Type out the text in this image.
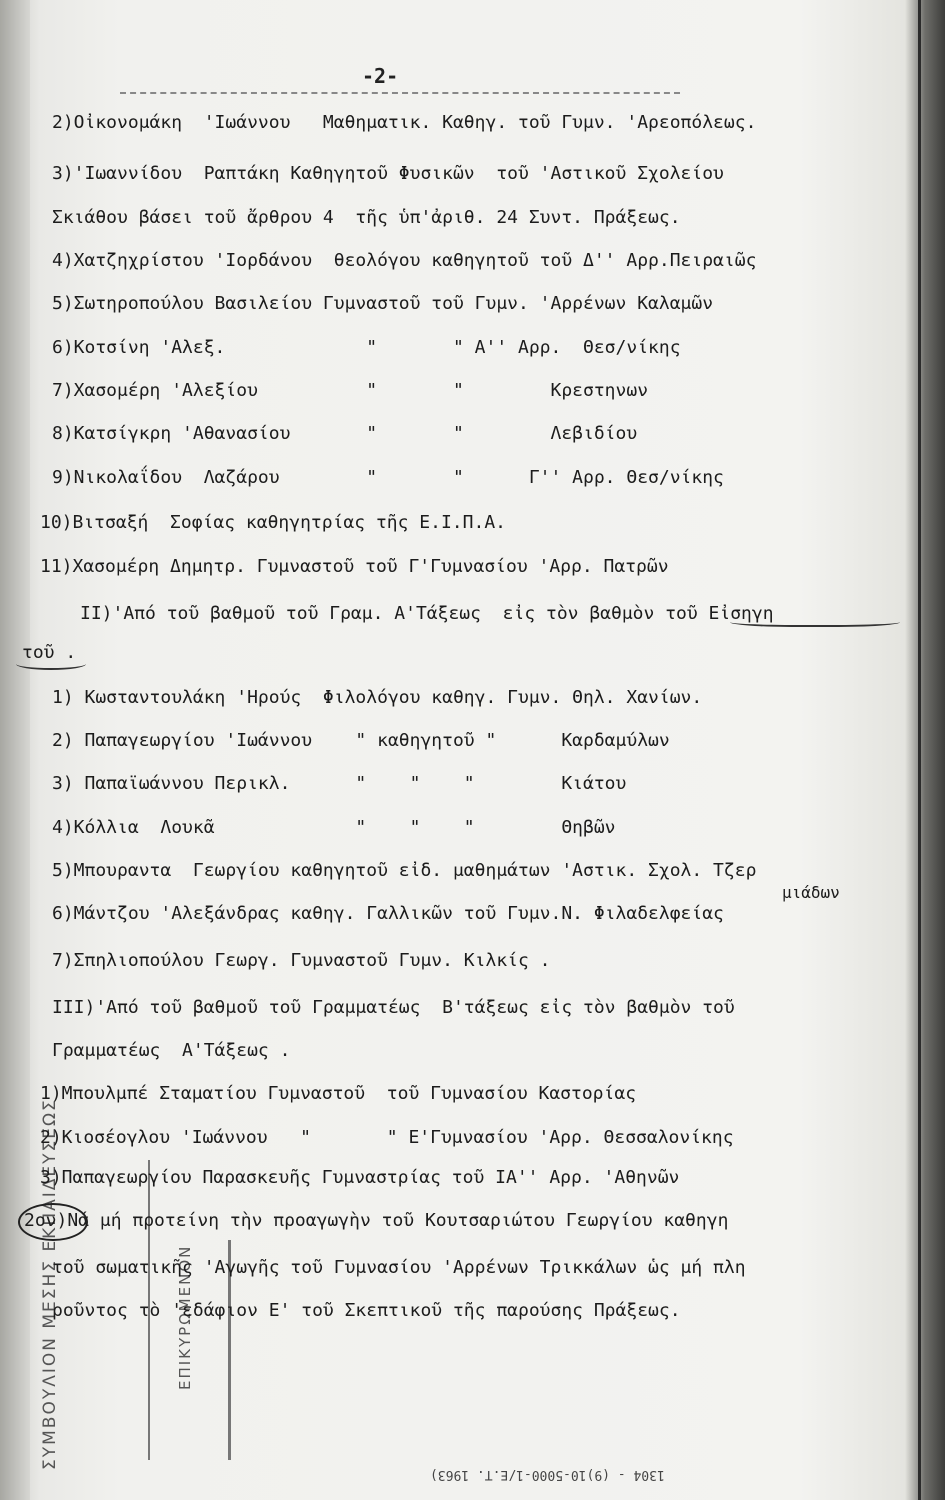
ΣΥΜΒΟΥΛΙΟΝ ΜΕΣΗΣ ΕΚΠΑΙΔΕΥΣΕΩΣ	ΕΠΙΚΥΡΩΜΕΝΟΝ
-2-
2)Οἰκονομάκη  'Ιωάννου   Μαθηματικ. Καθηγ. τοῦ Γυμν. 'Αρεοπόλεως.
3)'Ιωαννίδου  Ραπτάκη Καθηγητοῦ Φυσικῶν  τοῦ 'Αστικοῦ Σχολείου
Σκιάθου βάσει τοῦ ἄρθρου 4  τῆς ὑπ'ἀριθ. 24 Συντ. Πράξεως.
4)Χατζηχρίστου 'Ιορδάνου  θεολόγου καθηγητοῦ τοῦ Δ'' Αρρ.Πειραιῶς
5)Σωτηροπούλου Βασιλείου Γυμναστοῦ τοῦ Γυμν. 'Αρρένων Καλαμῶν
6)Κοτσίνη 'Αλεξ.             "       " Α'' Αρρ.  Θεσ/νίκης
7)Χασομέρη 'Αλεξίου          "       "        Κρεστηνων
8)Κατσίγκρη 'Αθανασίου       "       "        Λεβιδίου
9)Νικολαΐδου  Λαζάρου        "       "      Γ'' Αρρ. Θεσ/νίκης
10)Βιτσαξή  Σοφίας καθηγητρίας τῆς Ε.Ι.Π.Α.
11)Χασομέρη Δημητρ. Γυμναστοῦ τοῦ Γ'Γυμνασίου 'Αρρ. Πατρῶν
II)'Από τοῦ βαθμοῦ τοῦ Γραμ. Α'Τάξεως  εἰς τὸν βαθμὸν τοῦ Εἰσηγη
τοῦ .
1) Κωσταντουλάκη 'Ηρούς  Φιλολόγου καθηγ. Γυμν. Θηλ. Χανίων.
2) Παπαγεωργίου 'Ιωάννου    " καθηγητοῦ "      Καρδαμύλων
3) Παπαϊωάννου Περικλ.      "    "    "        Κιάτου
4)Κόλλια  Λουκᾶ             "    "    "        Θηβῶν
5)Μπουραντα  Γεωργίου καθηγητοῦ εἰδ. μαθημάτων 'Αστικ. Σχολ. Τζερ
μιάδων
6)Μάντζου 'Αλεξάνδρας καθηγ. Γαλλικῶν τοῦ Γυμν.Ν. Φιλαδελφείας
7)Σπηλιοπούλου Γεωργ. Γυμναστοῦ Γυμν. Κιλκίς .
III)'Από τοῦ βαθμοῦ τοῦ Γραμματέως  Β'τάξεως εἰς τὸν βαθμὸν τοῦ
Γραμματέως  Α'Τάξεως .
1)Μπουλμπέ Σταματίου Γυμναστοῦ  τοῦ Γυμνασίου Καστορίας
2)Κιοσέογλου 'Ιωάννου   "       " Ε'Γυμνασίου 'Αρρ. Θεσσαλονίκης
3)Παπαγεωργίου Παρασκευῆς Γυμναστρίας τοῦ ΙΑ'' Αρρ. 'Αθηνῶν
2ον)Νά μή προτείνη τὴν προαγωγὴν τοῦ Κουτσαριώτου Γεωργίου καθηγη
τοῦ σωματικῆς 'Αγωγῆς τοῦ Γυμνασίου 'Αρρένων Τρικκάλων ὡς μή πλη
ροῦντος τὸ 'εδάφιον Ε' τοῦ Σκεπτικοῦ τῆς παρούσης Πράξεως.
1304 - (9)10-5000-1/Ε.Τ. 1963)
